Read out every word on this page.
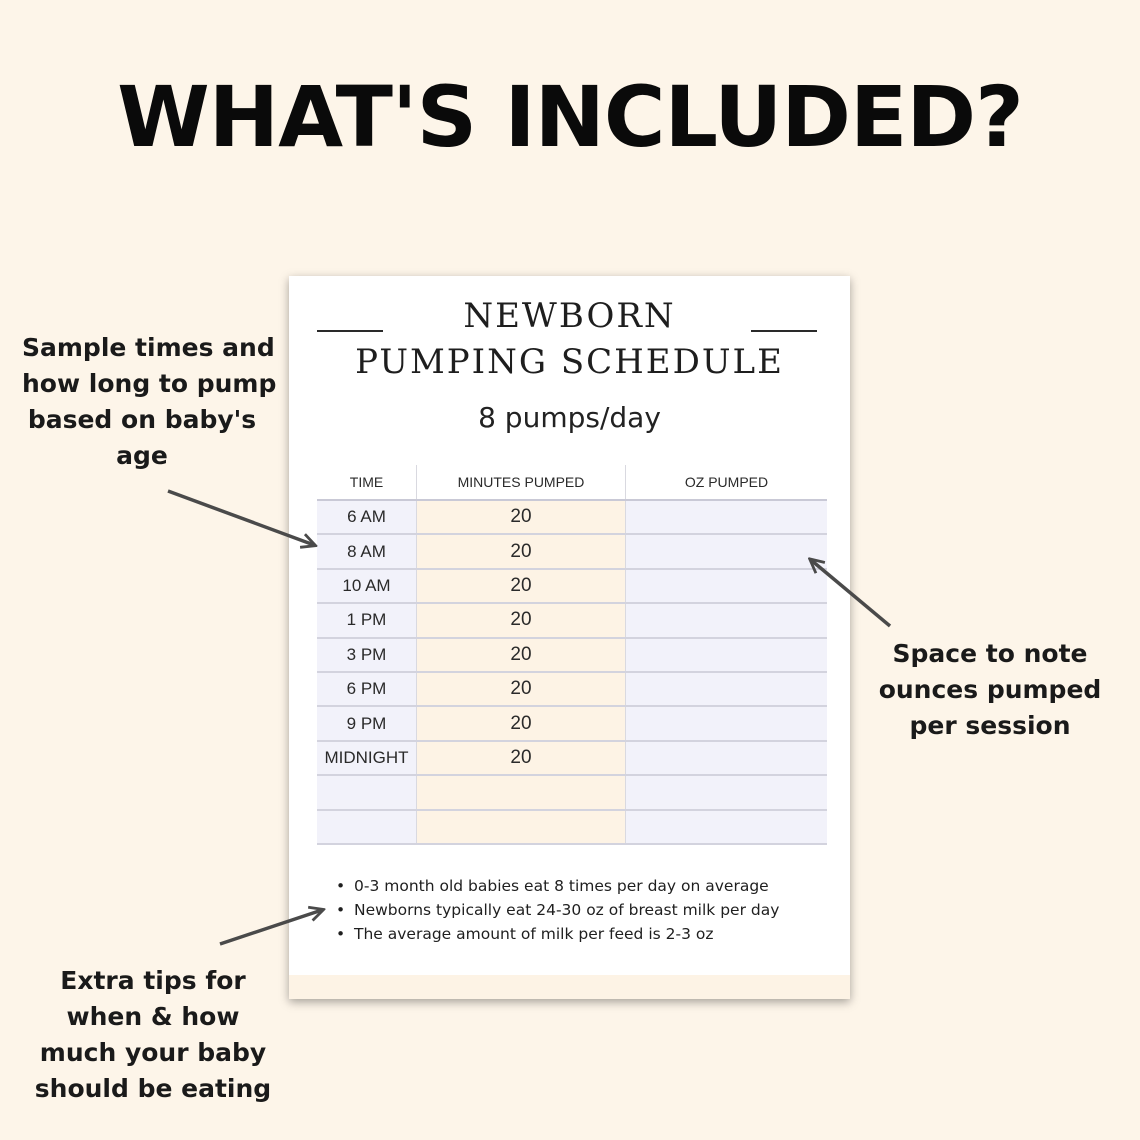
WHAT'S INCLUDED?
Sample times and
how long to pump
based on baby's
age
Space to note
ounces pumped
per session
Extra tips for
when & how
much your baby
should be eating
NEWBORN
PUMPING SCHEDULE
8 pumps/day
TIME	MINUTES PUMPED	OZ PUMPED
6 AM	20
8 AM	20
10 AM	20
1 PM	20
3 PM	20
6 PM	20
9 PM	20
MIDNIGHT	20
• 0-3 month old babies eat 8 times per day on average
• Newborns typically eat 24-30 oz of breast milk per day
• The average amount of milk per feed is 2-3 oz
